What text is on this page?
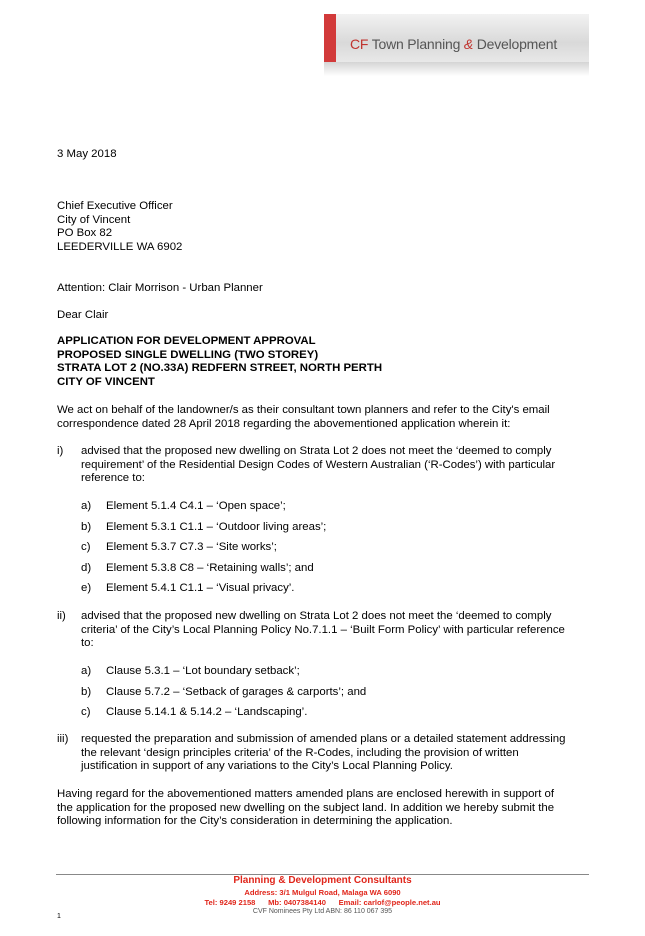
CF Town Planning & Development
3 May 2018
Chief Executive Officer
City of Vincent
PO Box 82
LEEDERVILLE WA 6902
Attention: Clair Morrison - Urban Planner
Dear Clair
APPLICATION FOR DEVELOPMENT APPROVAL
PROPOSED SINGLE DWELLING (TWO STOREY)
STRATA LOT 2 (NO.33A) REDFERN STREET, NORTH PERTH
CITY OF VINCENT
We act on behalf of the landowner/s as their consultant town planners and refer to the City's email
correspondence dated 28 April 2018 regarding the abovementioned application wherein it:
i) advised that the proposed new dwelling on Strata Lot 2 does not meet the ‘deemed to comply
requirement’ of the Residential Design Codes of Western Australian (‘R-Codes’) with particular
reference to:
a) Element 5.1.4 C4.1 – ‘Open space’;
b) Element 5.3.1 C1.1 – ‘Outdoor living areas’;
c) Element 5.3.7 C7.3 – ‘Site works’;
d) Element 5.3.8 C8 – ‘Retaining walls’; and
e) Element 5.4.1 C1.1 – ‘Visual privacy’.
ii) advised that the proposed new dwelling on Strata Lot 2 does not meet the ‘deemed to comply
criteria’ of the City’s Local Planning Policy No.7.1.1 – ‘Built Form Policy’ with particular reference
to:
a) Clause 5.3.1 – ‘Lot boundary setback’;
b) Clause 5.7.2 – ‘Setback of garages & carports’; and
c) Clause 5.14.1 & 5.14.2 – ‘Landscaping’.
iii) requested the preparation and submission of amended plans or a detailed statement addressing
the relevant ‘design principles criteria’ of the R-Codes, including the provision of written
justification in support of any variations to the City’s Local Planning Policy.
Having regard for the abovementioned matters amended plans are enclosed herewith in support of
the application for the proposed new dwelling on the subject land. In addition we hereby submit the
following information for the City’s consideration in determining the application.
Planning & Development Consultants
Address: 3/1 Mulgul Road, Malaga WA 6090
Tel: 9249 2158 Mb: 0407384140 Email: carlof@people.net.au
CVF Nominees Pty Ltd ABN: 86 110 067 395
1
